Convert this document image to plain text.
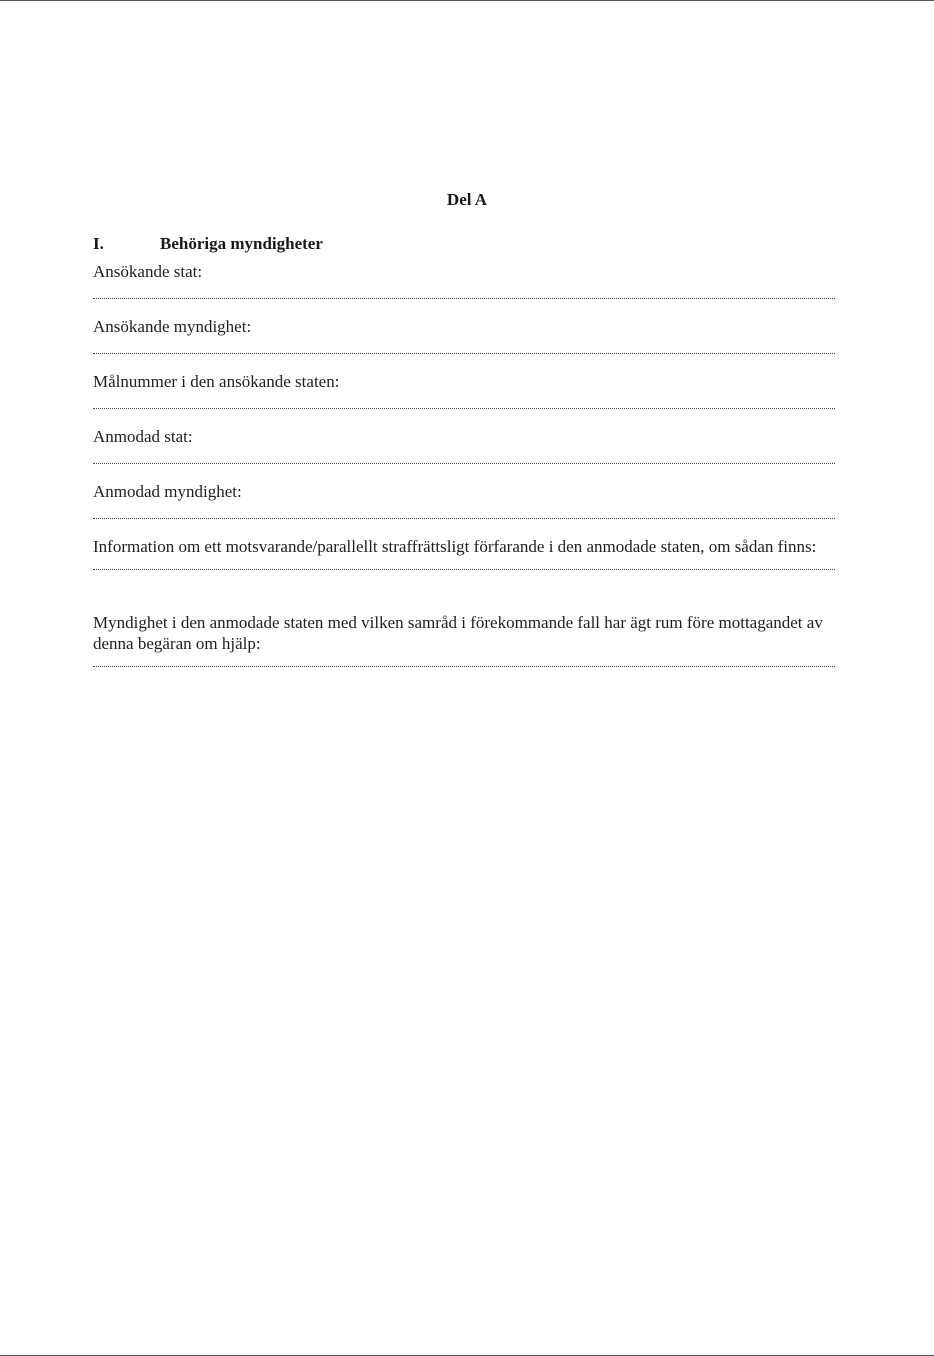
Del A
I.	Behöriga myndigheter
Ansökande stat:
Ansökande myndighet:
Målnummer i den ansökande staten:
Anmodad stat:
Anmodad myndighet:
Information om ett motsvarande/parallellt straffrättsligt förfarande i den anmodade staten, om sådan finns:
Myndighet i den anmodade staten med vilken samråd i förekommande fall har ägt rum före mottagandet av denna begäran om hjälp:
